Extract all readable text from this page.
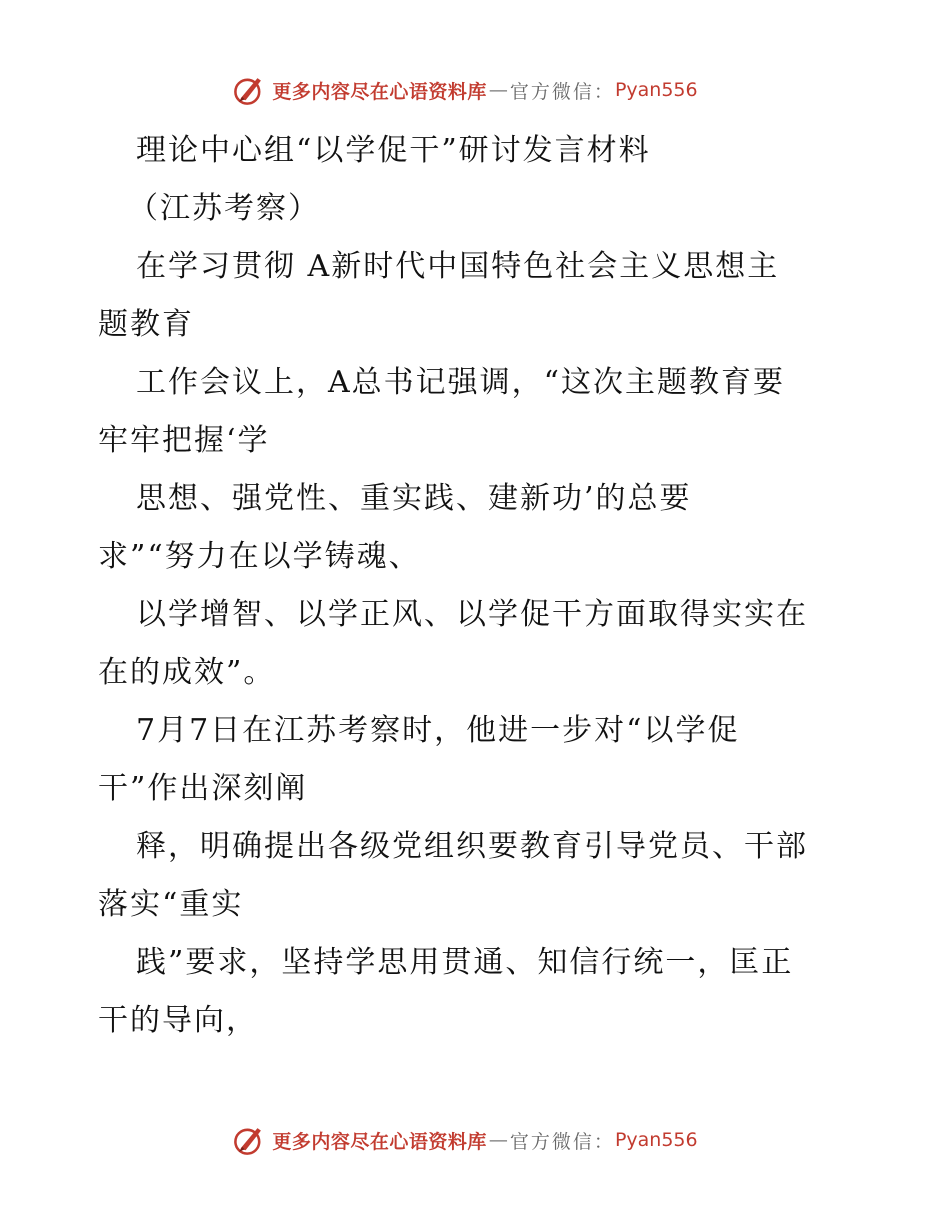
更多内容尽在心语资料库 — 官方微信： Pyan556
理论中心组“以学促干”研讨发言材料
（江苏考察）
在学习贯彻 A新时代中国特色社会主义思想主
题教育
工作会议上，A总书记强调，“这次主题教育要
牢牢把握‘学
思想、强党性、重实践、建新功’的总要
求”“努力在以学铸魂、
以学增智、以学正风、以学促干方面取得实实在
在的成效”。
7月7日在江苏考察时，他进一步对“以学促
干”作出深刻阐
释，明确提出各级党组织要教育引导党员、干部
落实“重实
践”要求，坚持学思用贯通、知信行统一，匡正
干的导向，
更多内容尽在心语资料库 — 官方微信： Pyan556
